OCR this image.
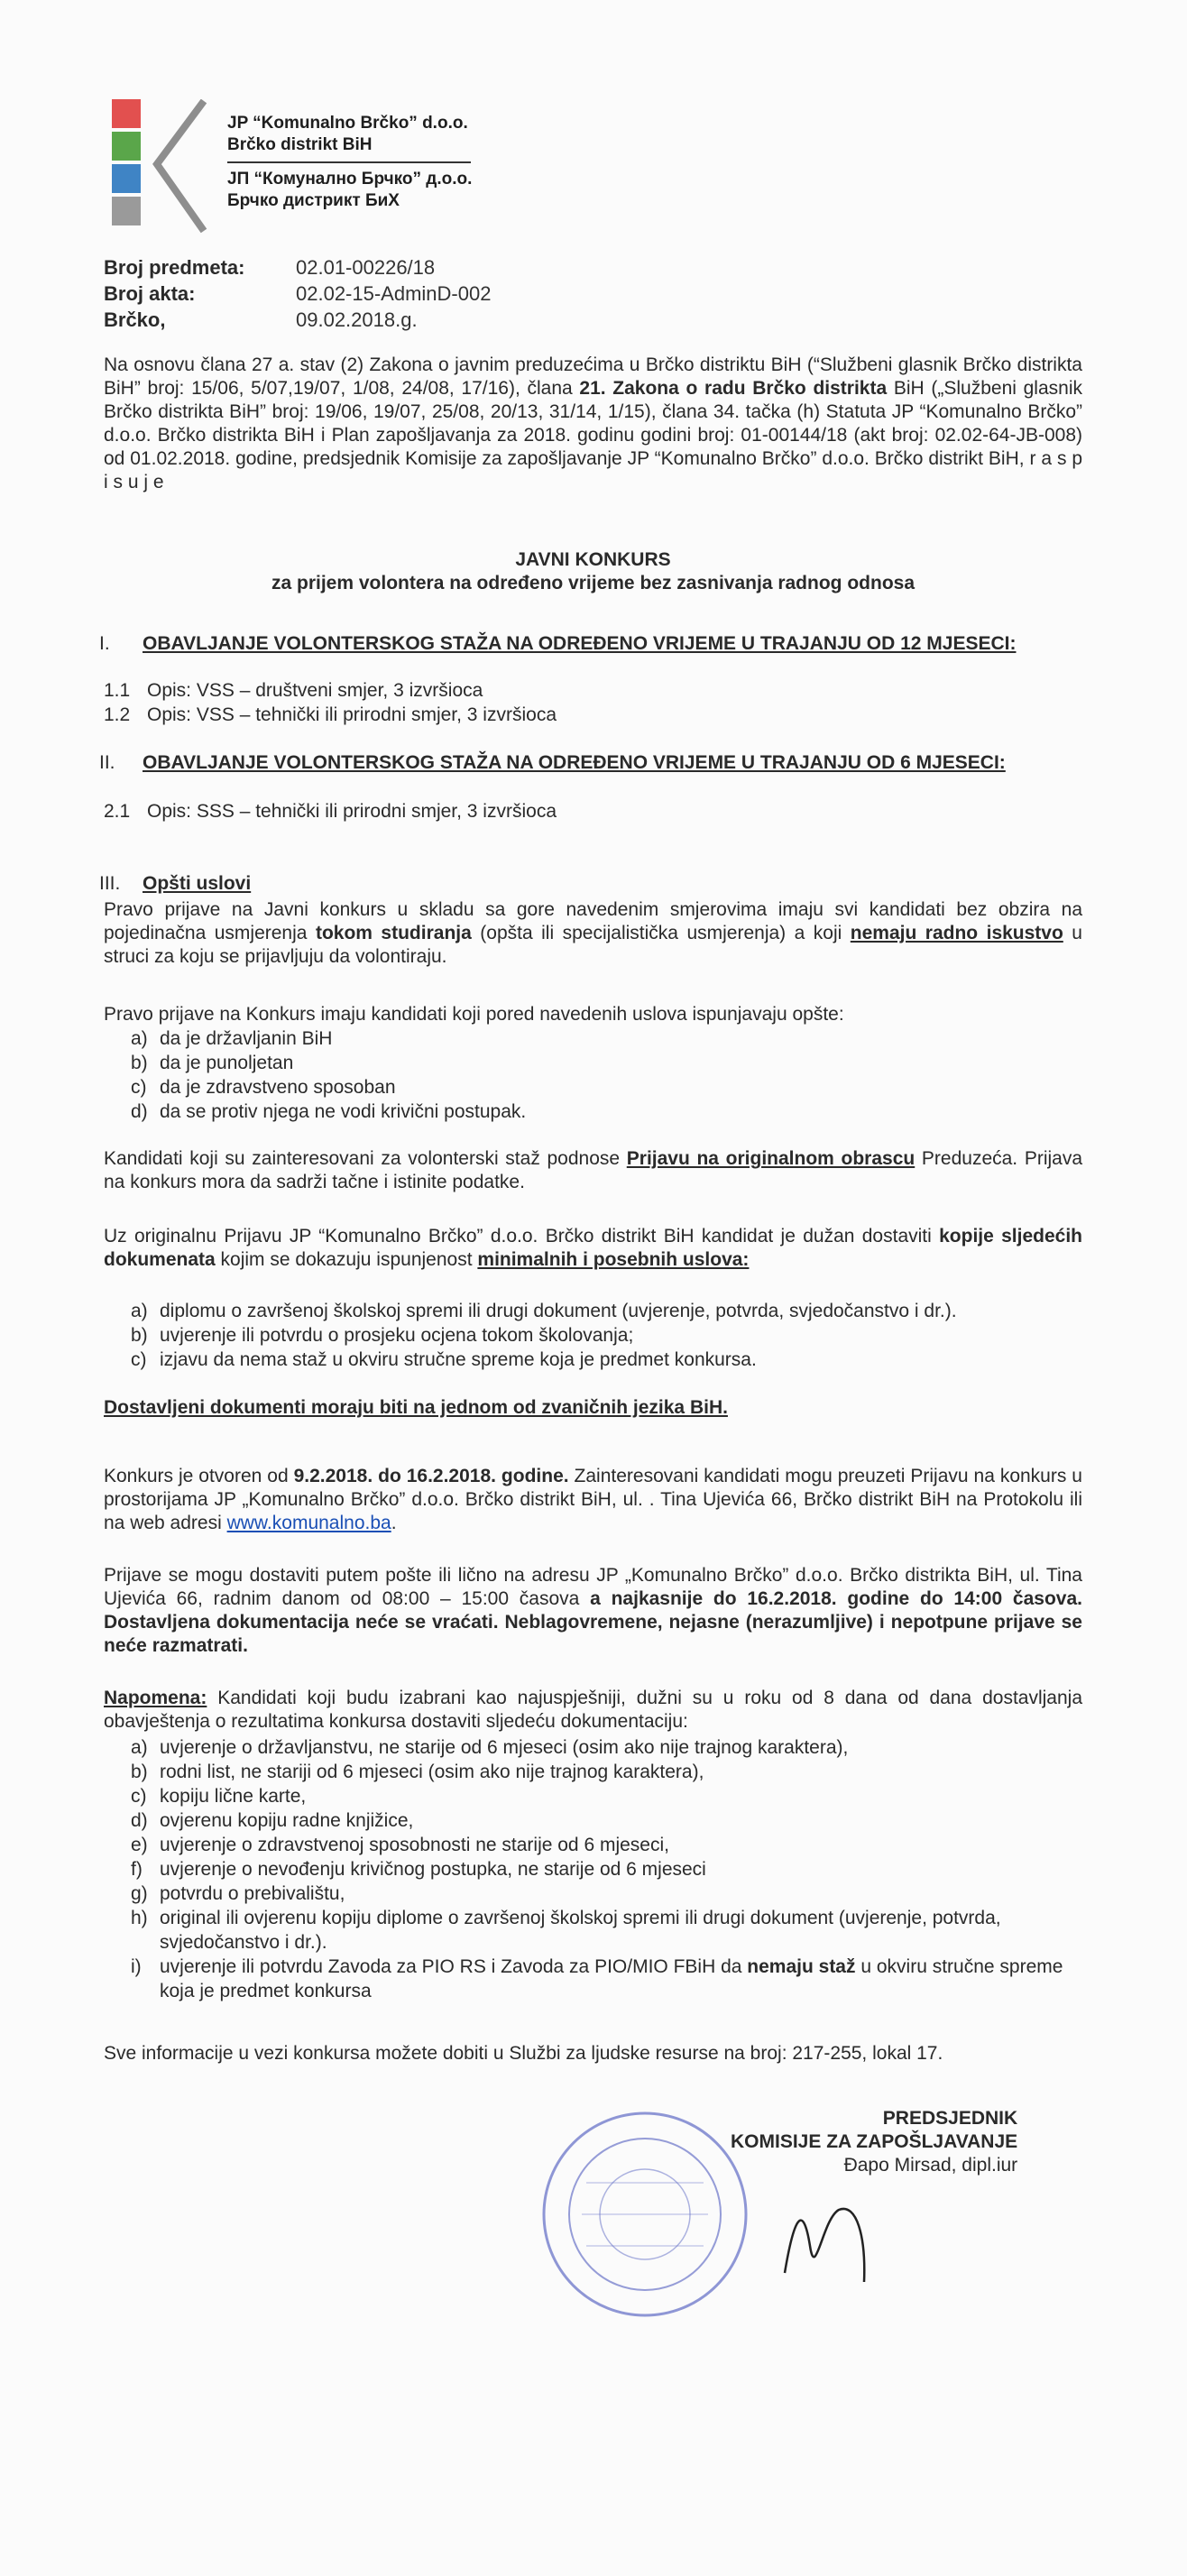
JP “Komunalno Brčko” d.o.o.
Brčko distrikt BiH
ЈП “Комунално Брчко” д.о.о.
Брчко дистрикт БиХ
Broj predmeta:	02.01-00226/18
Broj akta:	02.02-15-AdminD-002
Brčko,	09.02.2018.g.
Na osnovu člana 27 a. stav (2) Zakona o javnim preduzećima u Brčko distriktu BiH (“Službeni glasnik Brčko distrikta BiH” broj: 15/06, 5/07,19/07, 1/08, 24/08, 17/16), člana 21. Zakona o radu Brčko distrikta BiH („Službeni glasnik Brčko distrikta BiH” broj: 19/06, 19/07, 25/08, 20/13, 31/14, 1/15), člana 34. tačka (h) Statuta JP “Komunalno Brčko” d.o.o. Brčko distrikta BiH i Plan zapošljavanja za 2018. godinu godini broj: 01-00144/18 (akt broj: 02.02-64-JB-008) od 01.02.2018. godine, predsjednik Komisije za zapošljavanje JP “Komunalno Brčko” d.o.o. Brčko distrikt BiH, r a s p i s u j e
JAVNI KONKURS
za prijem volontera na određeno vrijeme bez zasnivanja radnog odnosa
I. OBAVLJANJE VOLONTERSKOG STAŽA NA ODREĐENO VRIJEME U TRAJANJU OD 12 MJESECI:
1.1 Opis: VSS – društveni smjer, 3 izvršioca
1.2 Opis: VSS – tehnički ili prirodni smjer, 3 izvršioca
II. OBAVLJANJE VOLONTERSKOG STAŽA NA ODREĐENO VRIJEME U TRAJANJU OD 6 MJESECI:
2.1 Opis: SSS – tehnički ili prirodni smjer, 3 izvršioca
III. Opšti uslovi
Pravo prijave na Javni konkurs u skladu sa gore navedenim smjerovima imaju svi kandidati bez obzira na pojedinačna usmjerenja tokom studiranja (opšta ili specijalistička usmjerenja) a koji nemaju radno iskustvo u struci za koju se prijavljuju da volontiraju.
Pravo prijave na Konkurs imaju kandidati koji pored navedenih uslova ispunjavaju opšte:
a) da je državljanin BiH
b) da je punoljetan
c) da je zdravstveno sposoban
d) da se protiv njega ne vodi krivični postupak.
Kandidati koji su zainteresovani za volonterski staž podnose Prijavu na originalnom obrascu Preduzeća. Prijava na konkurs mora da sadrži tačne i istinite podatke.
Uz originalnu Prijavu JP “Komunalno Brčko” d.o.o. Brčko distrikt BiH kandidat je dužan dostaviti kopije sljedećih dokumenata kojim se dokazuju ispunjenost minimalnih i posebnih uslova:
a) diplomu o završenoj školskoj spremi ili drugi dokument (uvjerenje, potvrda, svjedočanstvo i dr.).
b) uvjerenje ili potvrdu o prosjeku ocjena tokom školovanja;
c) izjavu da nema staž u okviru stručne spreme koja je predmet konkursa.
Dostavljeni dokumenti moraju biti na jednom od zvaničnih jezika BiH.
Konkurs je otvoren od 9.2.2018. do 16.2.2018. godine. Zainteresovani kandidati mogu preuzeti Prijavu na konkurs u prostorijama JP „Komunalno Brčko” d.o.o. Brčko distrikt BiH, ul. . Tina Ujevića 66, Brčko distrikt BiH na Protokolu ili na web adresi www.komunalno.ba.
Prijave se mogu dostaviti putem pošte ili lično na adresu JP „Komunalno Brčko” d.o.o. Brčko distrikta BiH, ul. Tina Ujevića 66, radnim danom od 08:00 – 15:00 časova a najkasnije do 16.2.2018. godine do 14:00 časova. Dostavljena dokumentacija neće se vraćati. Neblagovremene, nejasne (nerazumljive) i nepotpune prijave se neće razmatrati.
Napomena: Kandidati koji budu izabrani kao najuspješniji, dužni su u roku od 8 dana od dana dostavljanja obavještenja o rezultatima konkursa dostaviti sljedeću dokumentaciju:
a) uvjerenje o državljanstvu, ne starije od 6 mjeseci (osim ako nije trajnog karaktera),
b) rodni list, ne stariji od 6 mjeseci (osim ako nije trajnog karaktera),
c) kopiju lične karte,
d) ovjerenu kopiju radne knjižice,
e) uvjerenje o zdravstvenoj sposobnosti ne starije od 6 mjeseci,
f) uvjerenje o nevođenju krivičnog postupka, ne starije od 6 mjeseci
g) potvrdu o prebivalištu,
h) original ili ovjerenu kopiju diplome o završenoj školskoj spremi ili drugi dokument (uvjerenje, potvrda, svjedočanstvo i dr.).
i) uvjerenje ili potvrdu Zavoda za PIO RS i Zavoda za PIO/MIO FBiH da nemaju staž u okviru stručne spreme koja je predmet konkursa
Sve informacije u vezi konkursa možete dobiti u Službi za ljudske resurse na broj: 217-255, lokal 17.
PREDSJEDNIK
KOMISIJE ZA ZAPOŠLJAVANJE
Đapo Mirsad, dipl.iur
